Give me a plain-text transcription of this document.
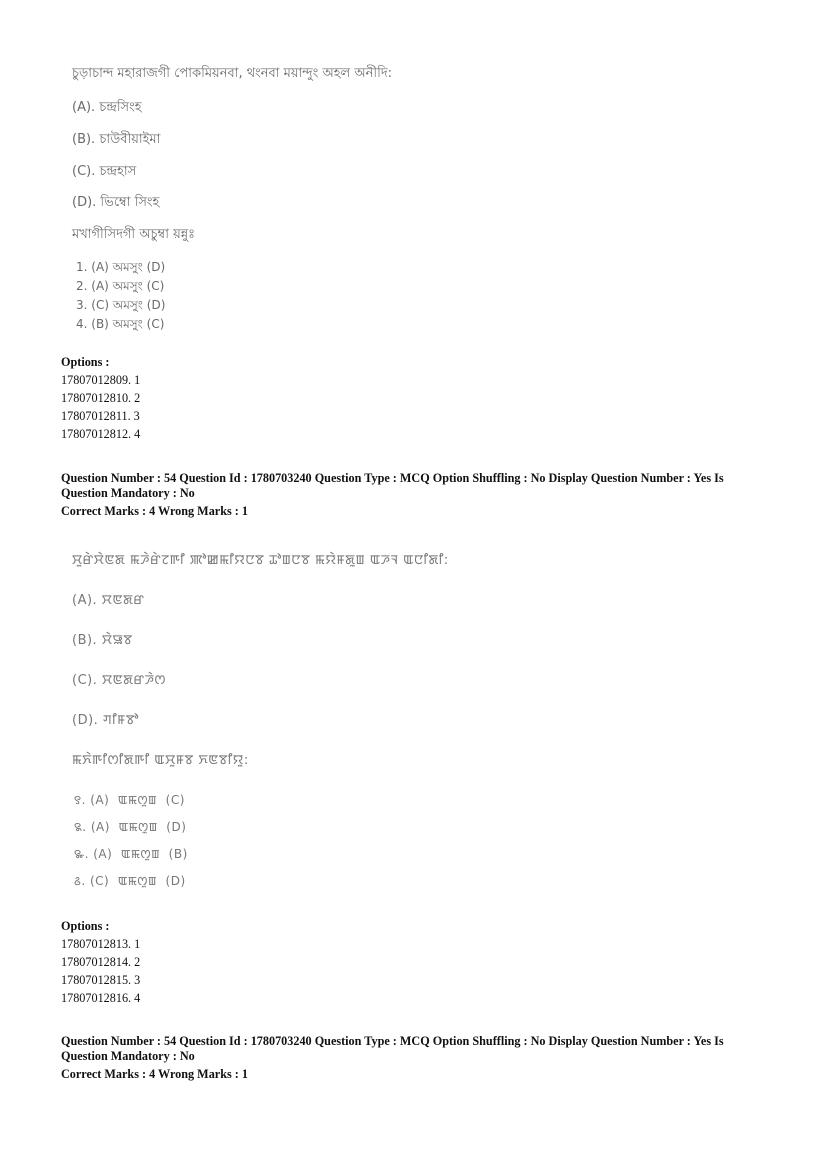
চুড়াচান্দ মহারাজগী পোকমিয়নবা, থংনবা ময়ান্দুং অহল অনীদি:
(A). চন্দ্রসিংহ
(B). চাউবীয়াইমা
(C). চন্দ্রহাস
(D). ভিম্বো সিংহ
মখাগীসিদগী অচুম্বা য়ন্নুঃ
1. (A) অমসুং (D)
2. (A) অমসুং (C)
3. (C) অমসুং (D)
4. (B) অমসুং (C)
Options :
17807012809. 1
17807012810. 2
17807012811. 3
17807012812. 4
Question Number : 54 Question Id : 1780703240 Question Type : MCQ Option Shuffling : No Display Question Number : Yes Is
Question Mandatory : No
Correct Marks : 4 Wrong Marks : 1
ꯆꯨꯔꯥꯆꯥꯟꯗ ꯃꯍꯥꯔꯥꯖꯒꯤ ꯄꯣꯀꯃꯤꯌꯅꯕ ꯊꯣꯡꯅꯕ ꯃꯌꯥꯝꯗꯨꯡ ꯑꯍꯜ ꯑꯅꯤꯗꯤ:
(A). ꯆꯟꯗꯔ
(B). ꯆꯥꯎꯕ
(C). ꯆꯟꯗꯔꯍꯥꯁ
(D). ꯚꯤꯝꯕꯣ
ꯃꯈꯥꯒꯤꯁꯤꯗꯒꯤ ꯑꯆꯨꯝꯕ ꯈꯟꯕꯤꯌꯨ:
꯱. (A)  ꯑꯃꯁꯨꯡ  (C)
꯲. (A)  ꯑꯃꯁꯨꯡ  (D)
꯳. (A)  ꯑꯃꯁꯨꯡ  (B)
꯴. (C)  ꯑꯃꯁꯨꯡ  (D)
Options :
17807012813. 1
17807012814. 2
17807012815. 3
17807012816. 4
Question Number : 54 Question Id : 1780703240 Question Type : MCQ Option Shuffling : No Display Question Number : Yes Is
Question Mandatory : No
Correct Marks : 4 Wrong Marks : 1
